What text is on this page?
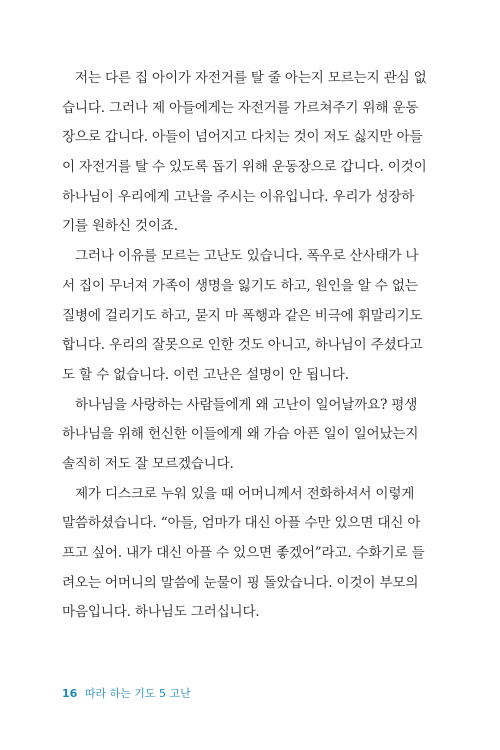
저는 다른 집 아이가 자전거를 탈 줄 아는지 모르는지 관심 없
습니다. 그러나 제 아들에게는 자전거를 가르쳐주기 위해 운동
장으로 갑니다. 아들이 넘어지고 다치는 것이 저도 싫지만 아들
이 자전거를 탈 수 있도록 돕기 위해 운동장으로 갑니다. 이것이
하나님이 우리에게 고난을 주시는 이유입니다. 우리가 성장하
기를 원하신 것이죠.
그러나 이유를 모르는 고난도 있습니다. 폭우로 산사태가 나
서 집이 무너져 가족이 생명을 잃기도 하고, 원인을 알 수 없는
질병에 걸리기도 하고, 묻지 마 폭행과 같은 비극에 휘말리기도
합니다. 우리의 잘못으로 인한 것도 아니고, 하나님이 주셨다고
도 할 수 없습니다. 이런 고난은 설명이 안 됩니다.
하나님을 사랑하는 사람들에게 왜 고난이 일어날까요? 평생
하나님을 위해 헌신한 이들에게 왜 가슴 아픈 일이 일어났는지
솔직히 저도 잘 모르겠습니다.
제가 디스크로 누워 있을 때 어머니께서 전화하셔서 이렇게
말씀하셨습니다. “아들, 엄마가 대신 아플 수만 있으면 대신 아
프고 싶어. 내가 대신 아플 수 있으면 좋겠어”라고. 수화기로 들
려오는 어머니의 말씀에 눈물이 핑 돌았습니다. 이것이 부모의
마음입니다. 하나님도 그러십니다.
16 따라 하는 기도 5 고난
